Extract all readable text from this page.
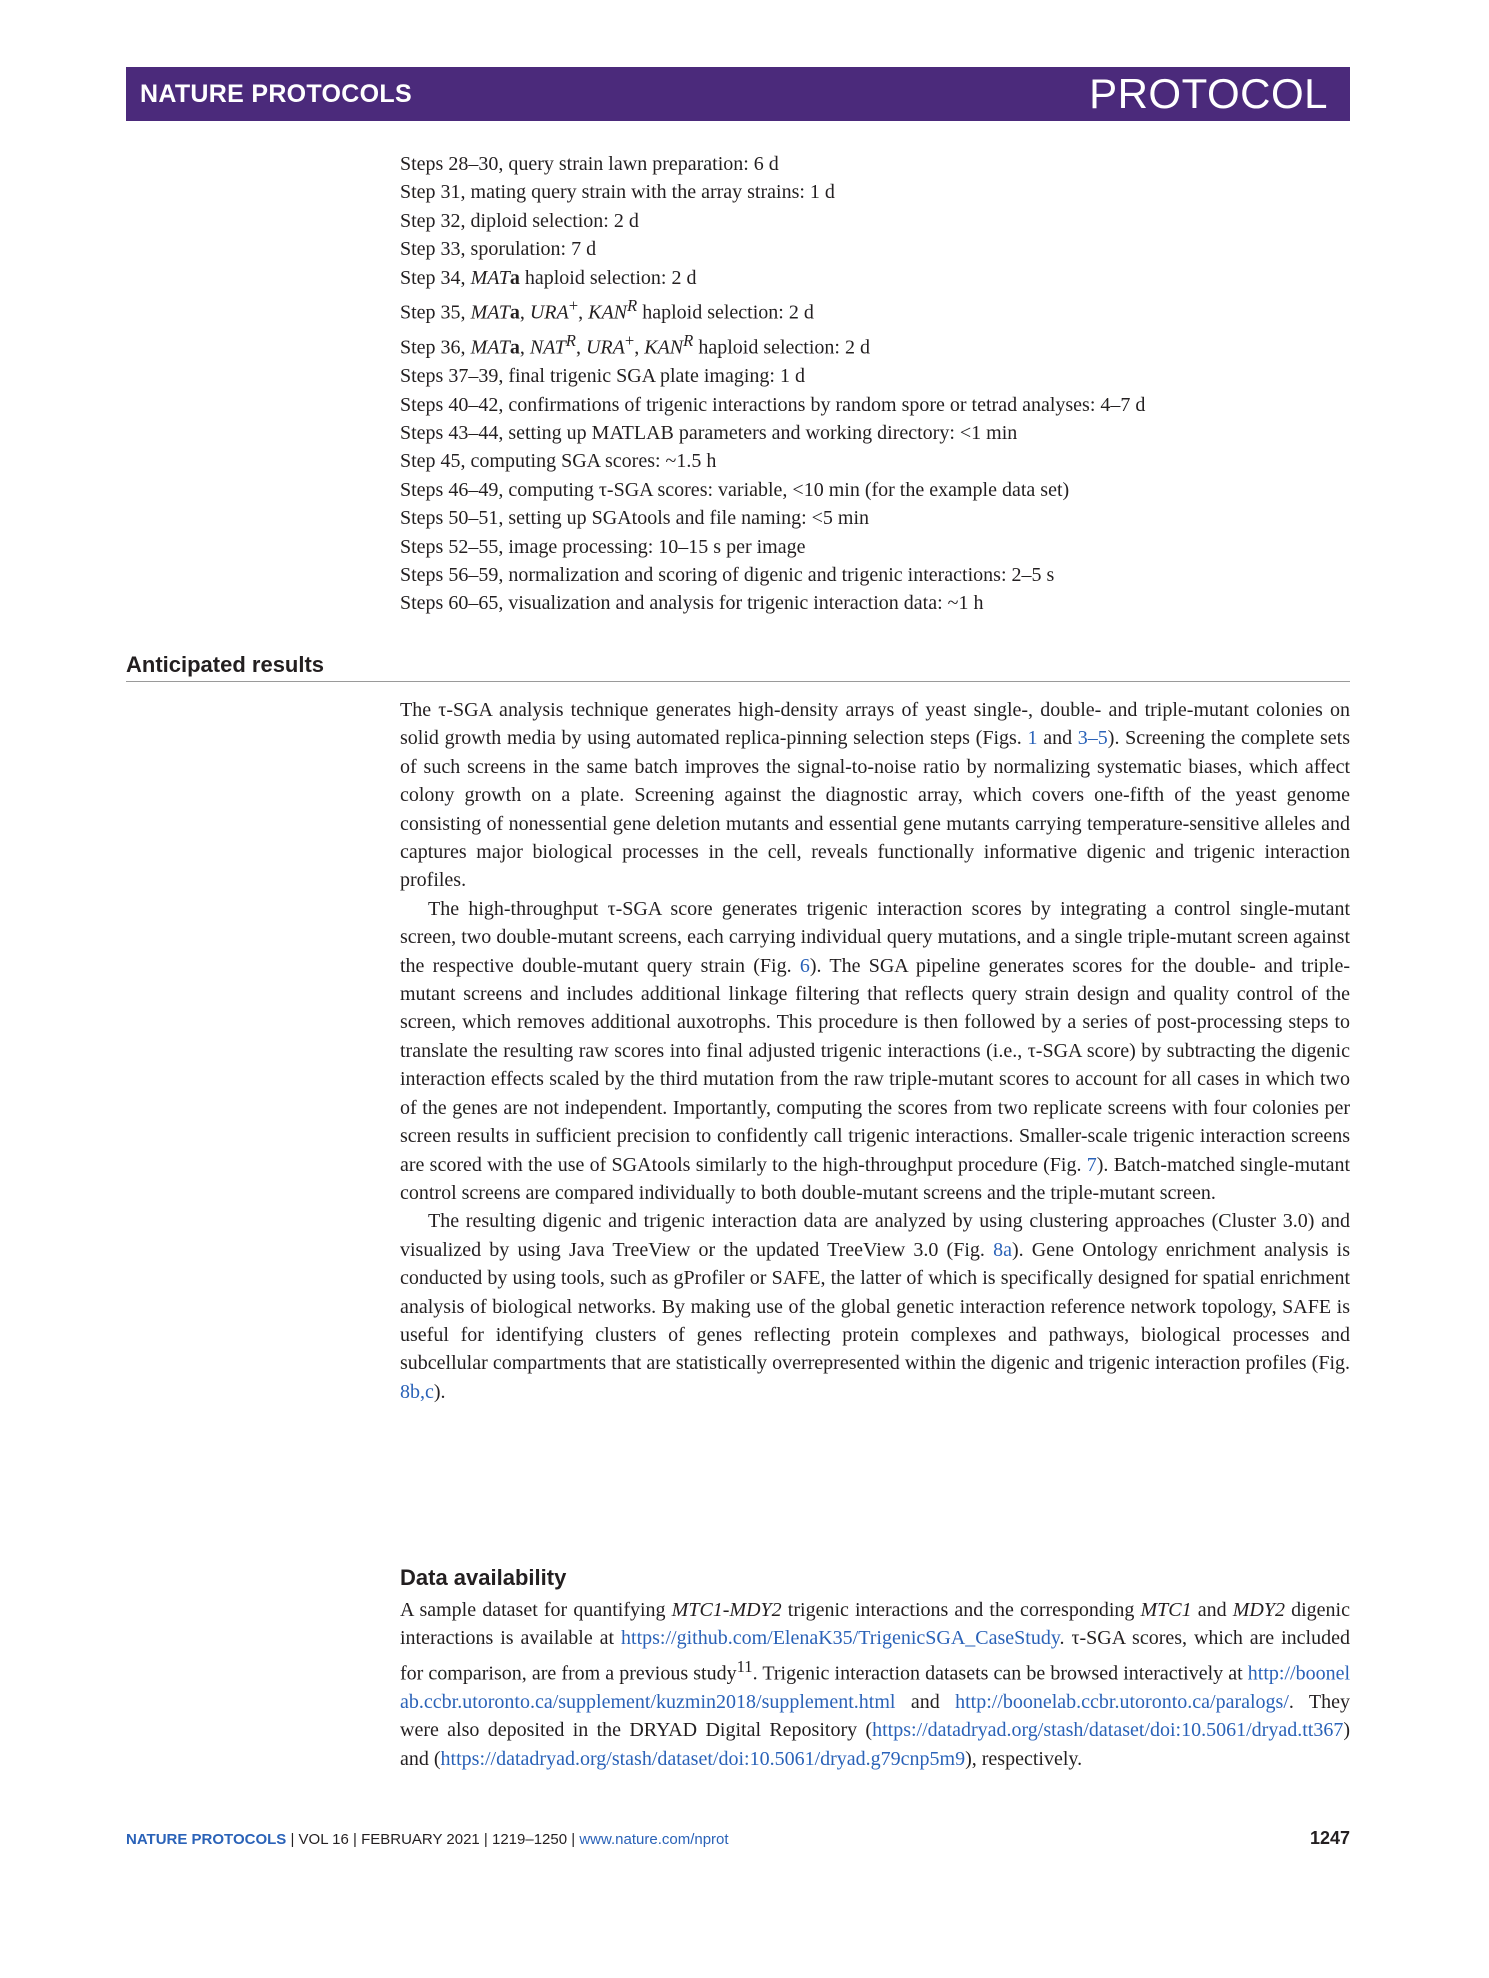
NATURE PROTOCOLS	PROTOCOL
Steps 28–30, query strain lawn preparation: 6 d
Step 31, mating query strain with the array strains: 1 d
Step 32, diploid selection: 2 d
Step 33, sporulation: 7 d
Step 34, MATa haploid selection: 2 d
Step 35, MATa, URA+, $KAN^R$ haploid selection: 2 d
Step 36, MATa, $NAT^R$, URA+, $KAN^R$ haploid selection: 2 d
Steps 37–39, final trigenic SGA plate imaging: 1 d
Steps 40–42, confirmations of trigenic interactions by random spore or tetrad analyses: 4–7 d
Steps 43–44, setting up MATLAB parameters and working directory: <1 min
Step 45, computing SGA scores: ~1.5 h
Steps 46–49, computing τ-SGA scores: variable, <10 min (for the example data set)
Steps 50–51, setting up SGAtools and file naming: <5 min
Steps 52–55, image processing: 10–15 s per image
Steps 56–59, normalization and scoring of digenic and trigenic interactions: 2–5 s
Steps 60–65, visualization and analysis for trigenic interaction data: ~1 h
Anticipated results

The τ-SGA analysis technique generates high-density arrays of yeast single-, double- and triple-mutant colonies on solid growth media by using automated replica-pinning selection steps (Figs. 1 and 3–5). Screening the complete sets of such screens in the same batch improves the signal-to-noise ratio by normalizing systematic biases, which affect colony growth on a plate. Screening against the diagnostic array, which covers one-fifth of the yeast genome consisting of nonessential gene deletion mutants and essential gene mutants carrying temperature-sensitive alleles and captures major biological processes in the cell, reveals functionally informative digenic and trigenic interaction profiles.

The high-throughput τ-SGA score generates trigenic interaction scores by integrating a control single-mutant screen, two double-mutant screens, each carrying individual query mutations, and a single triple-mutant screen against the respective double-mutant query strain (Fig. 6). The SGA pipeline generates scores for the double- and triple-mutant screens and includes additional linkage filtering that reflects query strain design and quality control of the screen, which removes additional auxotrophs. This procedure is then followed by a series of post-processing steps to translate the resulting raw scores into final adjusted trigenic interactions (i.e., τ-SGA score) by subtracting the digenic interaction effects scaled by the third mutation from the raw triple-mutant scores to account for all cases in which two of the genes are not independent. Importantly, computing the scores from two replicate screens with four colonies per screen results in sufficient precision to confidently call trigenic interactions. Smaller-scale trigenic interaction screens are scored with the use of SGAtools similarly to the high-throughput procedure (Fig. 7). Batch-matched single-mutant control screens are compared individually to both double-mutant screens and the triple-mutant screen.

The resulting digenic and trigenic interaction data are analyzed by using clustering approaches (Cluster 3.0) and visualized by using Java TreeView or the updated TreeView 3.0 (Fig. 8a). Gene Ontology enrichment analysis is conducted by using tools, such as gProfiler or SAFE, the latter of which is specifically designed for spatial enrichment analysis of biological networks. By making use of the global genetic interaction reference network topology, SAFE is useful for identifying clusters of genes reflecting protein complexes and pathways, biological processes and subcellular compartments that are statistically overrepresented within the digenic and trigenic interaction profiles (Fig. 8b,c).

Data availability

A sample dataset for quantifying MTC1-MDY2 trigenic interactions and the corresponding MTC1 and MDY2 digenic interactions is available at https://github.com/ElenaK35/TrigenicSGA_CaseStudy. τ-SGA scores, which are included for comparison, are from a previous study$^{11}$. Trigenic interaction datasets can be browsed interactively at http://boonelab.ccbr.utoronto.ca/supplement/kuzmin2018/supplement.html and http://boonelab.ccbr.utoronto.ca/paralogs/. They were also deposited in the DRYAD Digital Repository (https://datadryad.org/stash/dataset/doi:10.5061/dryad.tt367) and (https://datadryad.org/stash/dataset/doi:10.5061/dryad.g79cnp5m9), respectively.

NATURE PROTOCOLS | VOL 16 | FEBRUARY 2021 | 1219–1250 | www.nature.com/nprot	1247
